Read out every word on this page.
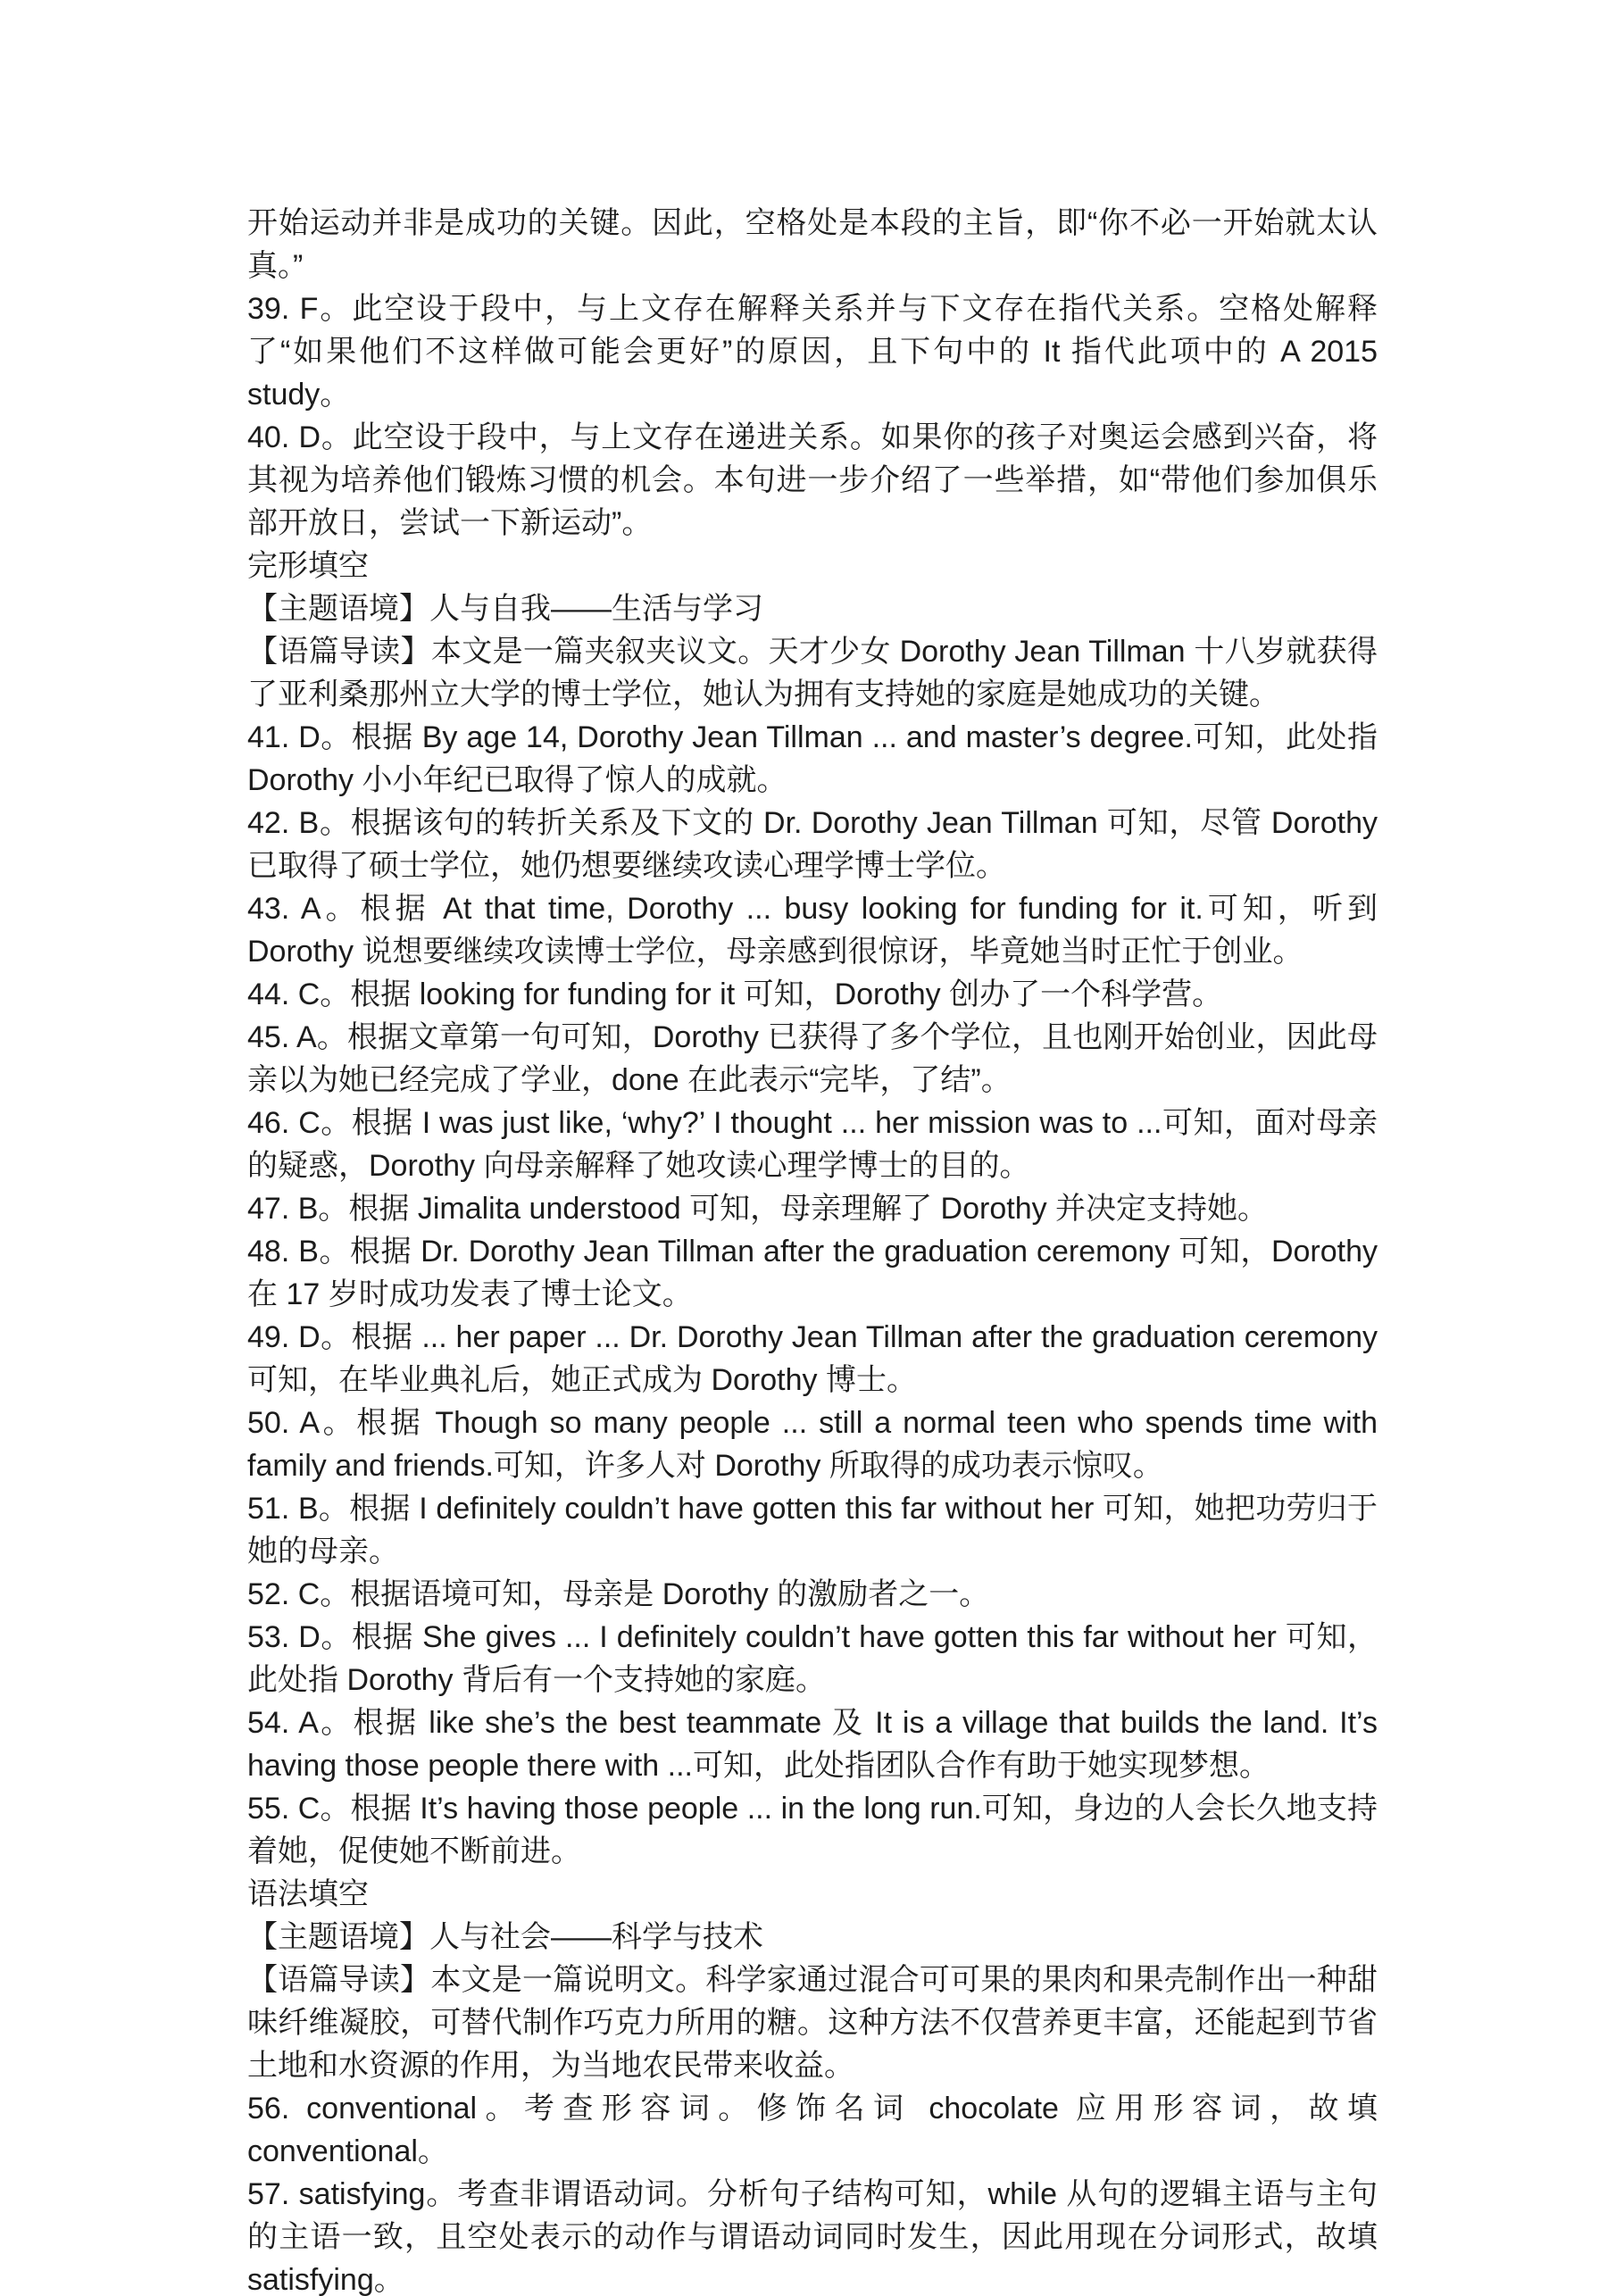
开始运动并非是成功的关键。因此，空格处是本段的主旨，即“你不必一开始就太认真。”

39. F。此空设于段中，与上文存在解释关系并与下文存在指代关系。空格处解释了“如果他们不这样做可能会更好”的原因，且下句中的 It 指代此项中的 A 2015 study。

40. D。此空设于段中，与上文存在递进关系。如果你的孩子对奥运会感到兴奋，将其视为培养他们锻炼习惯的机会。本句进一步介绍了一些举措，如“带他们参加俱乐部开放日，尝试一下新运动”。

完形填空

【主题语境】人与自我——生活与学习

【语篇导读】本文是一篇夹叙夹议文。天才少女 Dorothy Jean Tillman 十八岁就获得了亚利桑那州立大学的博士学位，她认为拥有支持她的家庭是她成功的关键。

41. D。根据 By age 14, Dorothy Jean Tillman ... and master’s degree.可知，此处指 Dorothy 小小年纪已取得了惊人的成就。

42. B。根据该句的转折关系及下文的 Dr. Dorothy Jean Tillman 可知，尽管 Dorothy 已取得了硕士学位，她仍想要继续攻读心理学博士学位。

43. A。根据 At that time, Dorothy ... busy looking for funding for it.可知，听到 Dorothy 说想要继续攻读博士学位，母亲感到很惊讶，毕竟她当时正忙于创业。

44. C。根据 looking for funding for it 可知，Dorothy 创办了一个科学营。

45. A。根据文章第一句可知，Dorothy 已获得了多个学位，且也刚开始创业，因此母亲以为她已经完成了学业，done 在此表示“完毕，了结”。

46. C。根据 I was just like, ‘why?’ I thought ... her mission was to ...可知，面对母亲的疑惑，Dorothy 向母亲解释了她攻读心理学博士的目的。

47. B。根据 Jimalita understood 可知，母亲理解了 Dorothy 并决定支持她。

48. B。根据 Dr. Dorothy Jean Tillman after the graduation ceremony 可知，Dorothy 在 17 岁时成功发表了博士论文。

49. D。根据 ... her paper ... Dr. Dorothy Jean Tillman after the graduation ceremony 可知，在毕业典礼后，她正式成为 Dorothy 博士。

50. A。根据 Though so many people ... still a normal teen who spends time with family and friends.可知，许多人对 Dorothy 所取得的成功表示惊叹。

51. B。根据 I definitely couldn’t have gotten this far without her 可知，她把功劳归于她的母亲。

52. C。根据语境可知，母亲是 Dorothy 的激励者之一。

53. D。根据 She gives ... I definitely couldn’t have gotten this far without her 可知，此处指 Dorothy 背后有一个支持她的家庭。

54. A。根据 like she’s the best teammate 及 It is a village that builds the land. It’s having those people there with ...可知，此处指团队合作有助于她实现梦想。

55. C。根据 It’s having those people ... in the long run.可知，身边的人会长久地支持着她，促使她不断前进。

语法填空

【主题语境】人与社会——科学与技术

【语篇导读】本文是一篇说明文。科学家通过混合可可果的果肉和果壳制作出一种甜味纤维凝胶，可替代制作巧克力所用的糖。这种方法不仅营养更丰富，还能起到节省土地和水资源的作用，为当地农民带来收益。

56. conventional。考查形容词。修饰名词 chocolate 应用形容词，故填 conventional。

57. satisfying。考查非谓语动词。分析句子结构可知，while 从句的逻辑主语与主句的主语一致，且空处表示的动作与谓语动词同时发生，因此用现在分词形式，故填 satisfying。
